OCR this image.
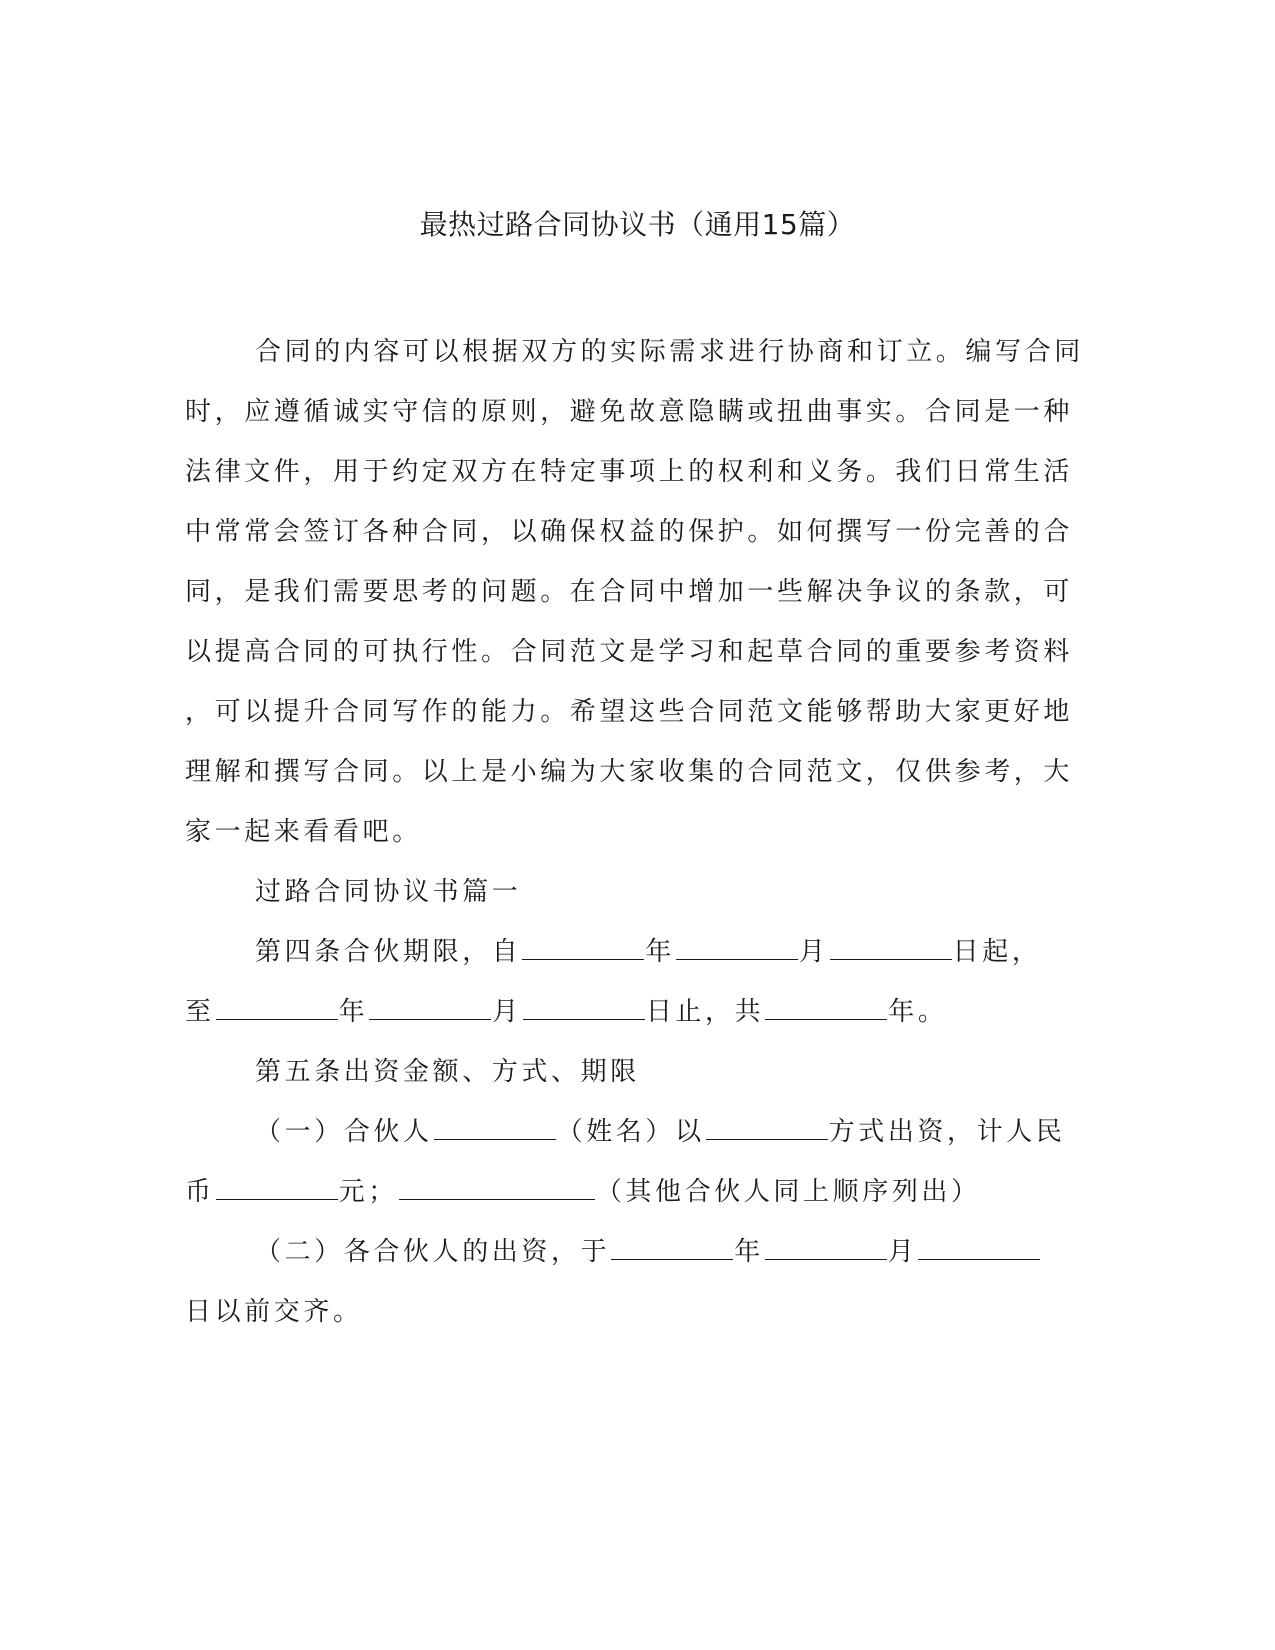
最热过路合同协议书（通用15篇）
合同的内容可以根据双方的实际需求进行协商和订立。编写合同
时，应遵循诚实守信的原则，避免故意隐瞒或扭曲事实。合同是一种
法律文件，用于约定双方在特定事项上的权利和义务。我们日常生活
中常常会签订各种合同，以确保权益的保护。如何撰写一份完善的合
同，是我们需要思考的问题。在合同中增加一些解决争议的条款，可
以提高合同的可执行性。合同范文是学习和起草合同的重要参考资料
，可以提升合同写作的能力。希望这些合同范文能够帮助大家更好地
理解和撰写合同。以上是小编为大家收集的合同范文，仅供参考，大
家一起来看看吧。
过路合同协议书篇一
第四条合伙期限，自	年	月	日起，
至	年	月	日止，共	年。
第五条出资金额、方式、期限
（一）合伙人	（姓名）以	方式出资，计人民
币	元；	（其他合伙人同上顺序列出）
（二）各合伙人的出资，于	年	月
日以前交齐。
